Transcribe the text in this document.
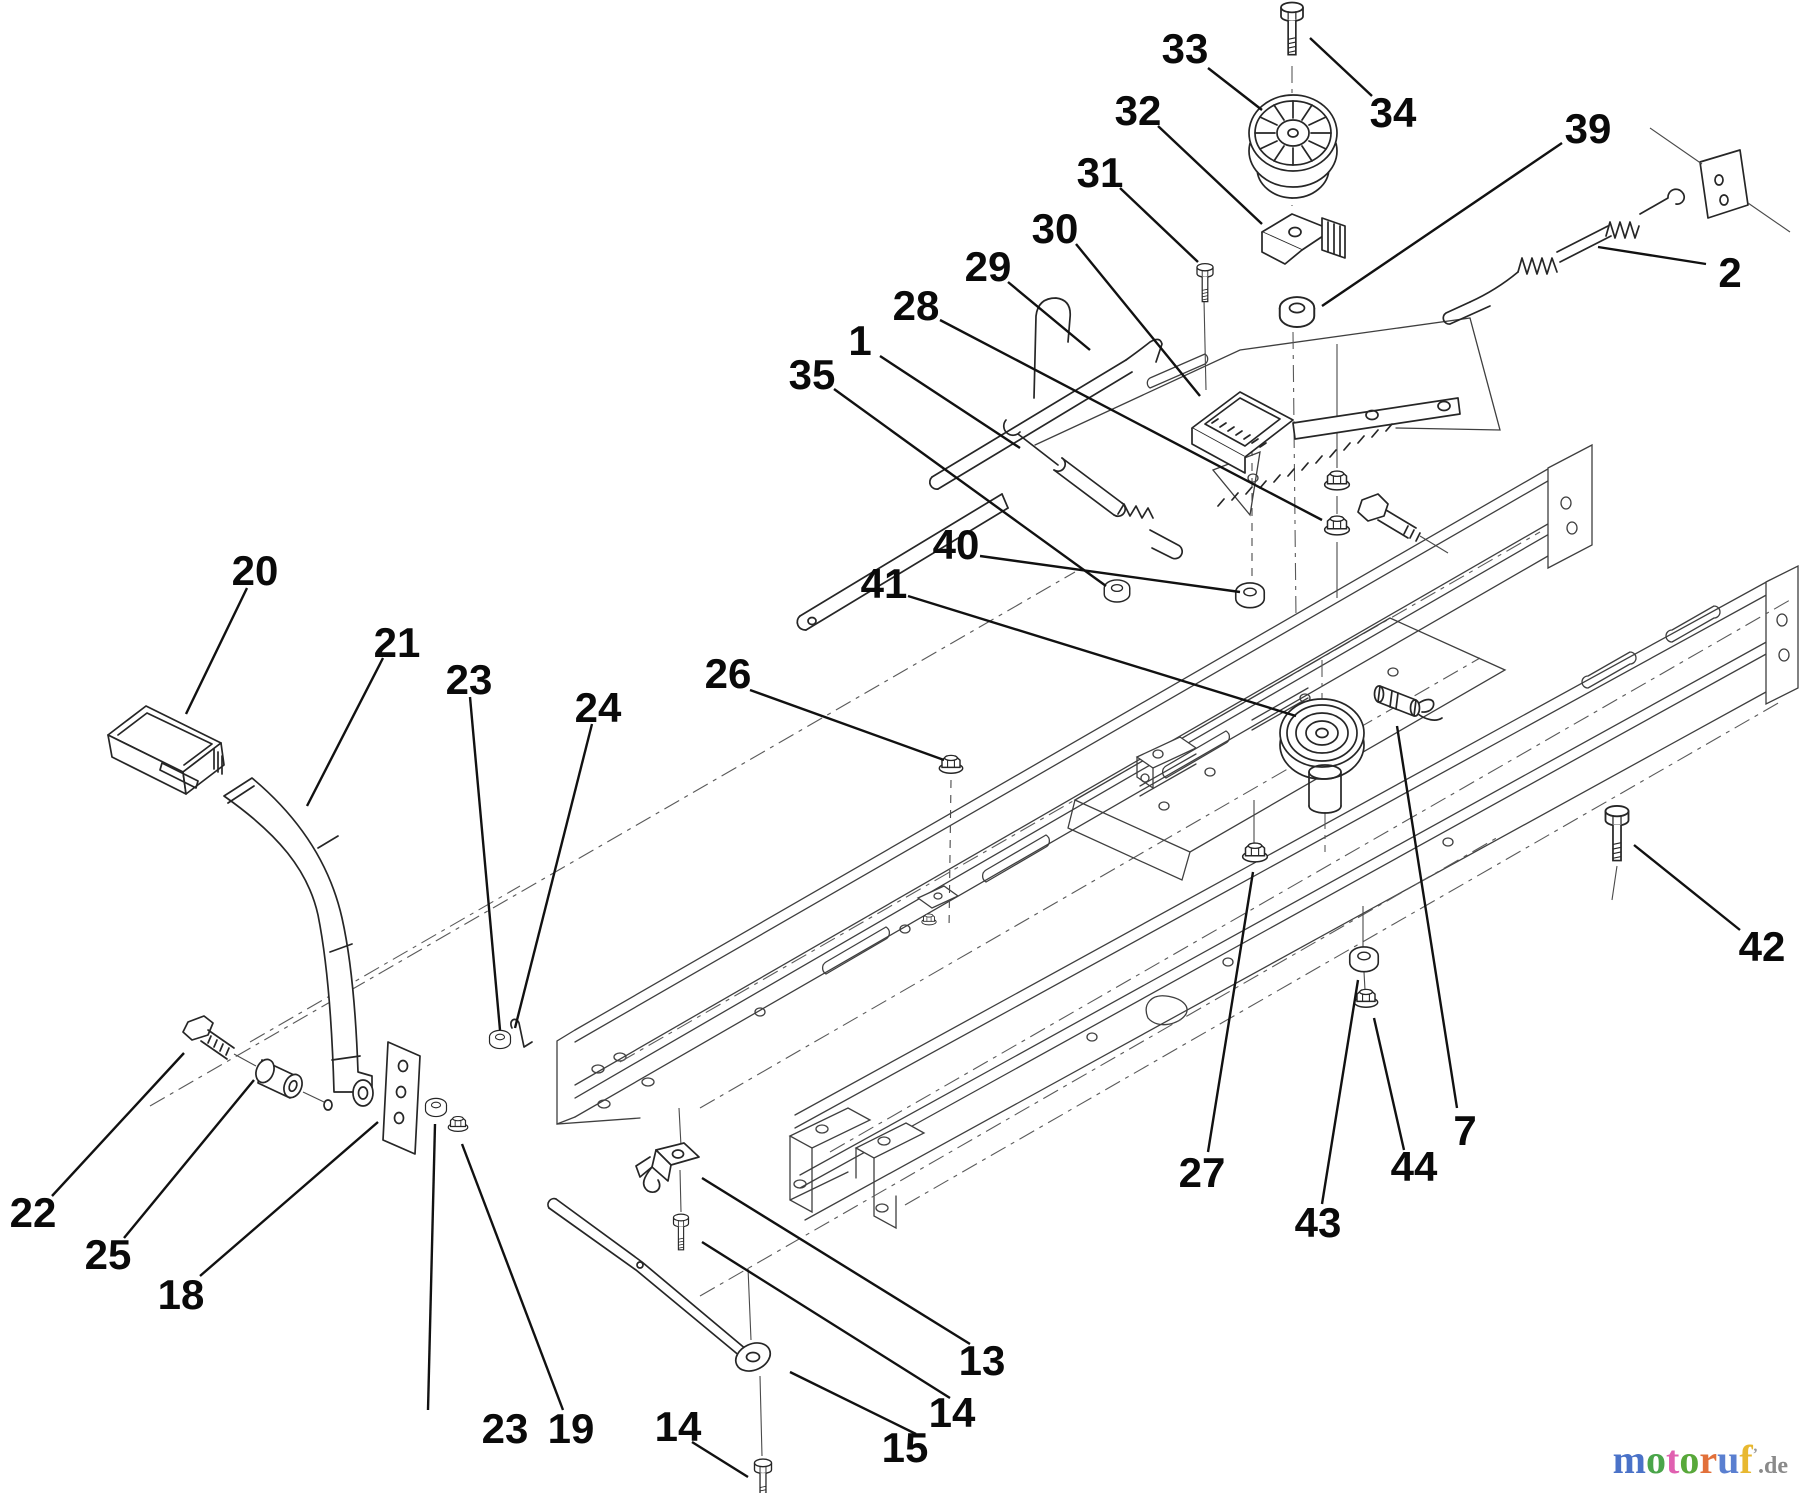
33
34
32
31
39
30
29	2
28
1
35
40
41
26
24
23
21
20
42
22
25
18
27
7
44
43
23 19 14	15
14
13
motoruf’.de
